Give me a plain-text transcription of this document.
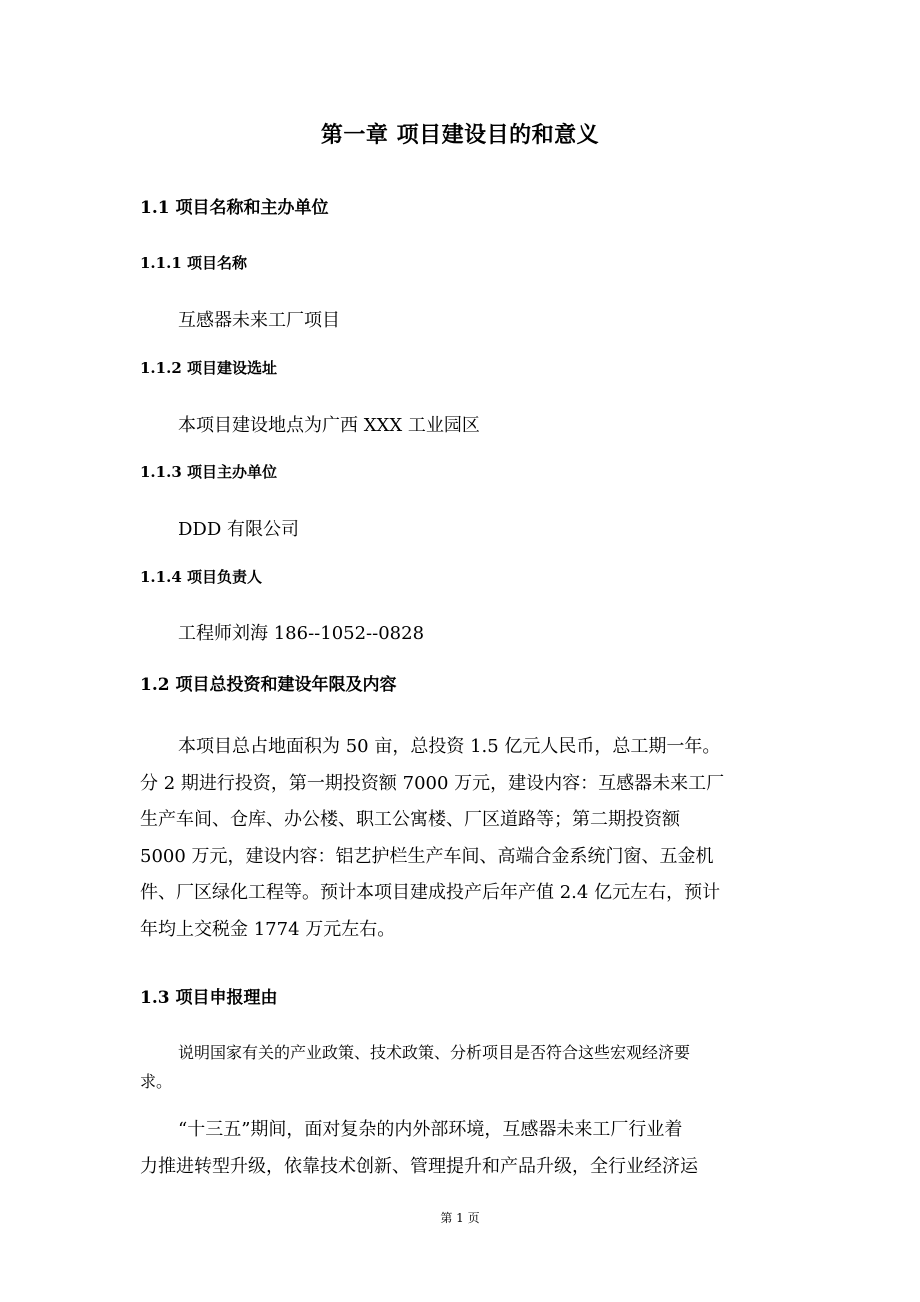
第一章 项目建设目的和意义
1.1 项目名称和主办单位
1.1.1 项目名称
互感器未来工厂项目
1.1.2 项目建设选址
本项目建设地点为广西 XXX 工业园区
1.1.3 项目主办单位
DDD 有限公司
1.1.4 项目负责人
工程师刘海 186--1052--0828
1.2 项目总投资和建设年限及内容
本项目总占地面积为 50 亩，总投资 1.5 亿元人民币，总工期一年。
分 2 期进行投资，第一期投资额 7000 万元，建设内容：互感器未来工厂
生产车间、仓库、办公楼、职工公寓楼、厂区道路等；第二期投资额
5000 万元，建设内容：铝艺护栏生产车间、高端合金系统门窗、五金机
件、厂区绿化工程等。预计本项目建成投产后年产值 2.4 亿元左右，预计
年均上交税金 1774 万元左右。
1.3 项目申报理由
说明国家有关的产业政策、技术政策、分析项目是否符合这些宏观经济要
求。
“十三五”期间，面对复杂的内外部环境，互感器未来工厂行业着
力推进转型升级，依靠技术创新、管理提升和产品升级，全行业经济运
第 1 页
